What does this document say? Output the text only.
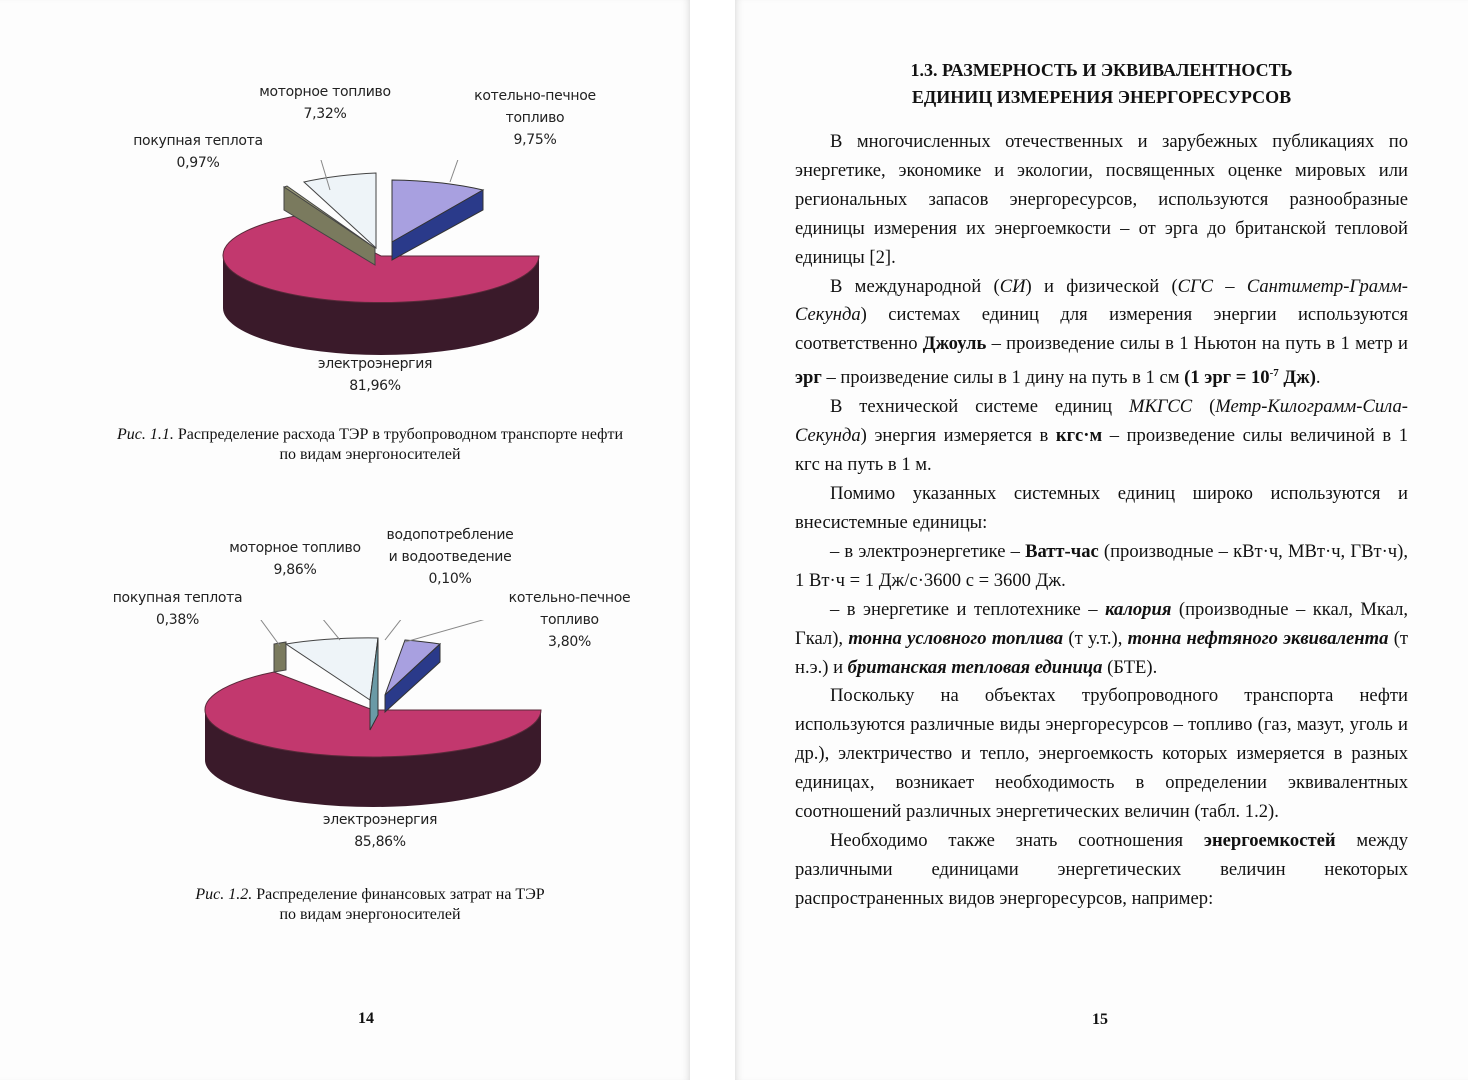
моторное топливо
7,32%
котельно-печное
топливо
9,75%
покупная теплота
0,97%
электроэнергия
81,96%
Рис. 1.1. Распределение расхода ТЭР в трубопроводном транспорте нефти
по видам энергоносителей
моторное топливо
9,86%
водопотребление
и водоотведение
0,10%
покупная теплота
0,38%
котельно-печное
топливо
3,80%
электроэнергия
85,86%
Рис. 1.2. Распределение финансовых затрат на ТЭР
по видам энергоносителей
14
1.3. РАЗМЕРНОСТЬ И ЭКВИВАЛЕНТНОСТЬ
ЕДИНИЦ ИЗМЕРЕНИЯ ЭНЕРГОРЕСУРСОВ

В многочисленных отечественных и зарубежных публикациях по энергетике, экономике и экологии, посвященных оценке мировых или региональных запасов энергоресурсов, используются разнообразные единицы измерения их энергоемкости – от эрга до британской тепловой единицы [2].

В международной (СИ) и физической (СГС – Сантиметр-Грамм-Секунда) системах единиц для измерения энергии используются соответственно Джоуль – произведение силы в 1 Ньютон на путь в 1 метр и эрг – произведение силы в 1 дину на путь в 1 см (1 эрг = $10^{-7}$ Дж).

В технической системе единиц МКГСС (Метр-Килограмм-Сила-Секунда) энергия измеряется в кгс·м – произведение силы величиной в 1 кгс на путь в 1 м.

Помимо указанных системных единиц широко используются и внесистемные единицы:

– в электроэнергетике – Ватт-час (производные – кВт·ч, МВт·ч, ГВт·ч), 1 Вт·ч = 1 Дж/с·3600 с = 3600 Дж.

– в энергетике и теплотехнике – калория (производные – ккал, Мкал, Гкал), тонна условного топлива (т у.т.), тонна нефтяного эквивалента (т н.э.) и британская тепловая единица (БТЕ).

Поскольку на объектах трубопроводного транспорта нефти используются различные виды энергоресурсов – топливо (газ, мазут, уголь и др.), электричество и тепло, энергоемкость которых измеряется в разных единицах, возникает необходимость в определении эквивалентных соотношений различных энергетических величин (табл. 1.2).

Необходимо также знать соотношения энергоемкостей между различными единицами энергетических величин некоторых распространенных видов энергоресурсов, например:

15
